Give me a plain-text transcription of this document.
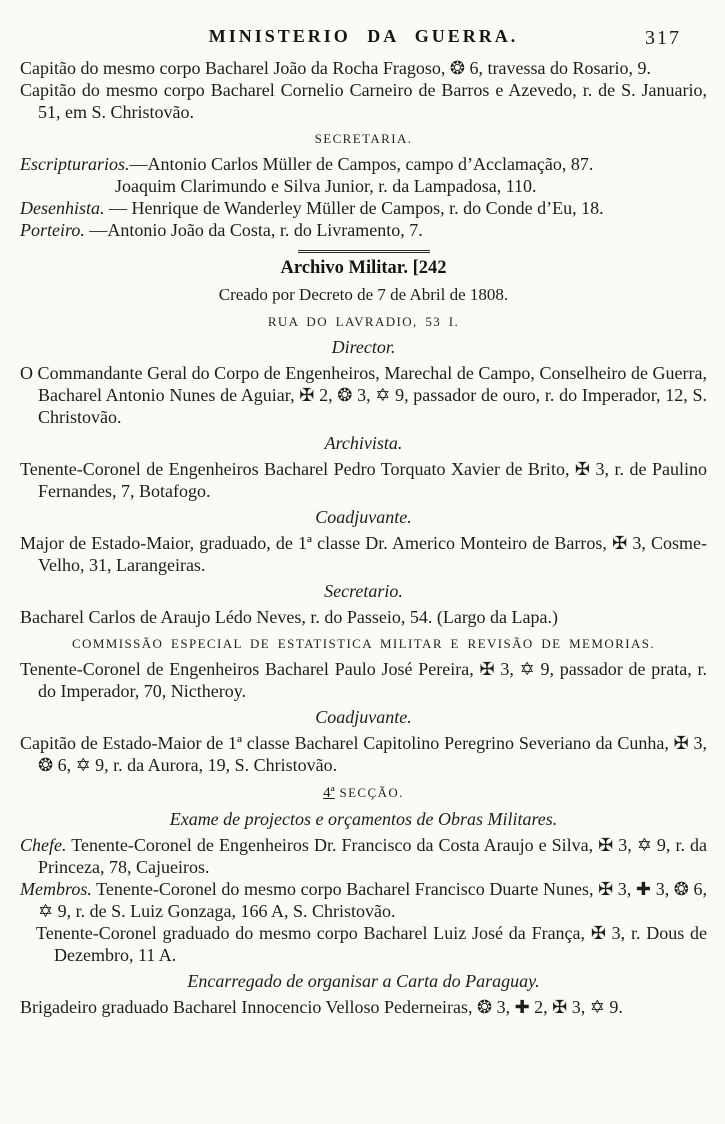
MINISTERIO DA GUERRA.	317
Capitão do mesmo corpo Bacharel João da Rocha Fragoso, ❂ 6, travessa do Rosario, 9.
Capitão do mesmo corpo Bacharel Cornelio Carneiro de Barros e Azevedo, r. de S. Januario, 51, em S. Christovão.
SECRETARIA.
Escripturarios.—Antonio Carlos Müller de Campos, campo d’Acclamação, 87.
Joaquim Clarimundo e Silva Junior, r. da Lampadosa, 110.
Desenhista. — Henrique de Wanderley Müller de Campos, r. do Conde d’Eu, 18.
Porteiro. —Antonio João da Costa, r. do Livramento, 7.
Archivo Militar. [242
Creado por Decreto de 7 de Abril de 1808.
RUA DO LAVRADIO, 53 I.
Director.
O Commandante Geral do Corpo de Engenheiros, Marechal de Campo, Conselheiro de Guerra, Bacharel Antonio Nunes de Aguiar, ✠ 2, ❂ 3, ✡ 9, passador de ouro, r. do Imperador, 12, S. Christovão.
Archivista.
Tenente-Coronel de Engenheiros Bacharel Pedro Torquato Xavier de Brito, ✠ 3, r. de Paulino Fernandes, 7, Botafogo.
Coadjuvante.
Major de Estado-Maior, graduado, de 1ª classe Dr. Americo Monteiro de Barros, ✠ 3, Cosme-Velho, 31, Larangeiras.
Secretario.
Bacharel Carlos de Araujo Lédo Neves, r. do Passeio, 54. (Largo da Lapa.)
COMMISSÃO ESPECIAL DE ESTATISTICA MILITAR E REVISÃO DE MEMORIAS.
Tenente-Coronel de Engenheiros Bacharel Paulo José Pereira, ✠ 3, ✡ 9, passador de prata, r. do Imperador, 70, Nictheroy.
Coadjuvante.
Capitão de Estado-Maior de 1ª classe Bacharel Capitolino Peregrino Severiano da Cunha, ✠ 3, ❂ 6, ✡ 9, r. da Aurora, 19, S. Christovão.
4ª SECÇÃO.
Exame de projectos e orçamentos de Obras Militares.
Chefe. Tenente-Coronel de Engenheiros Dr. Francisco da Costa Araujo e Silva, ✠ 3, ✡ 9, r. da Princeza, 78, Cajueiros.
Membros. Tenente-Coronel do mesmo corpo Bacharel Francisco Duarte Nunes, ✠ 3, ✚ 3, ❂ 6, ✡ 9, r. de S. Luiz Gonzaga, 166 A, S. Christovão.
Tenente-Coronel graduado do mesmo corpo Bacharel Luiz José da França, ✠ 3, r. Dous de Dezembro, 11 A.
Encarregado de organisar a Carta do Paraguay.
Brigadeiro graduado Bacharel Innocencio Velloso Pederneiras, ❂ 3, ✚ 2, ✠ 3, ✡ 9.
